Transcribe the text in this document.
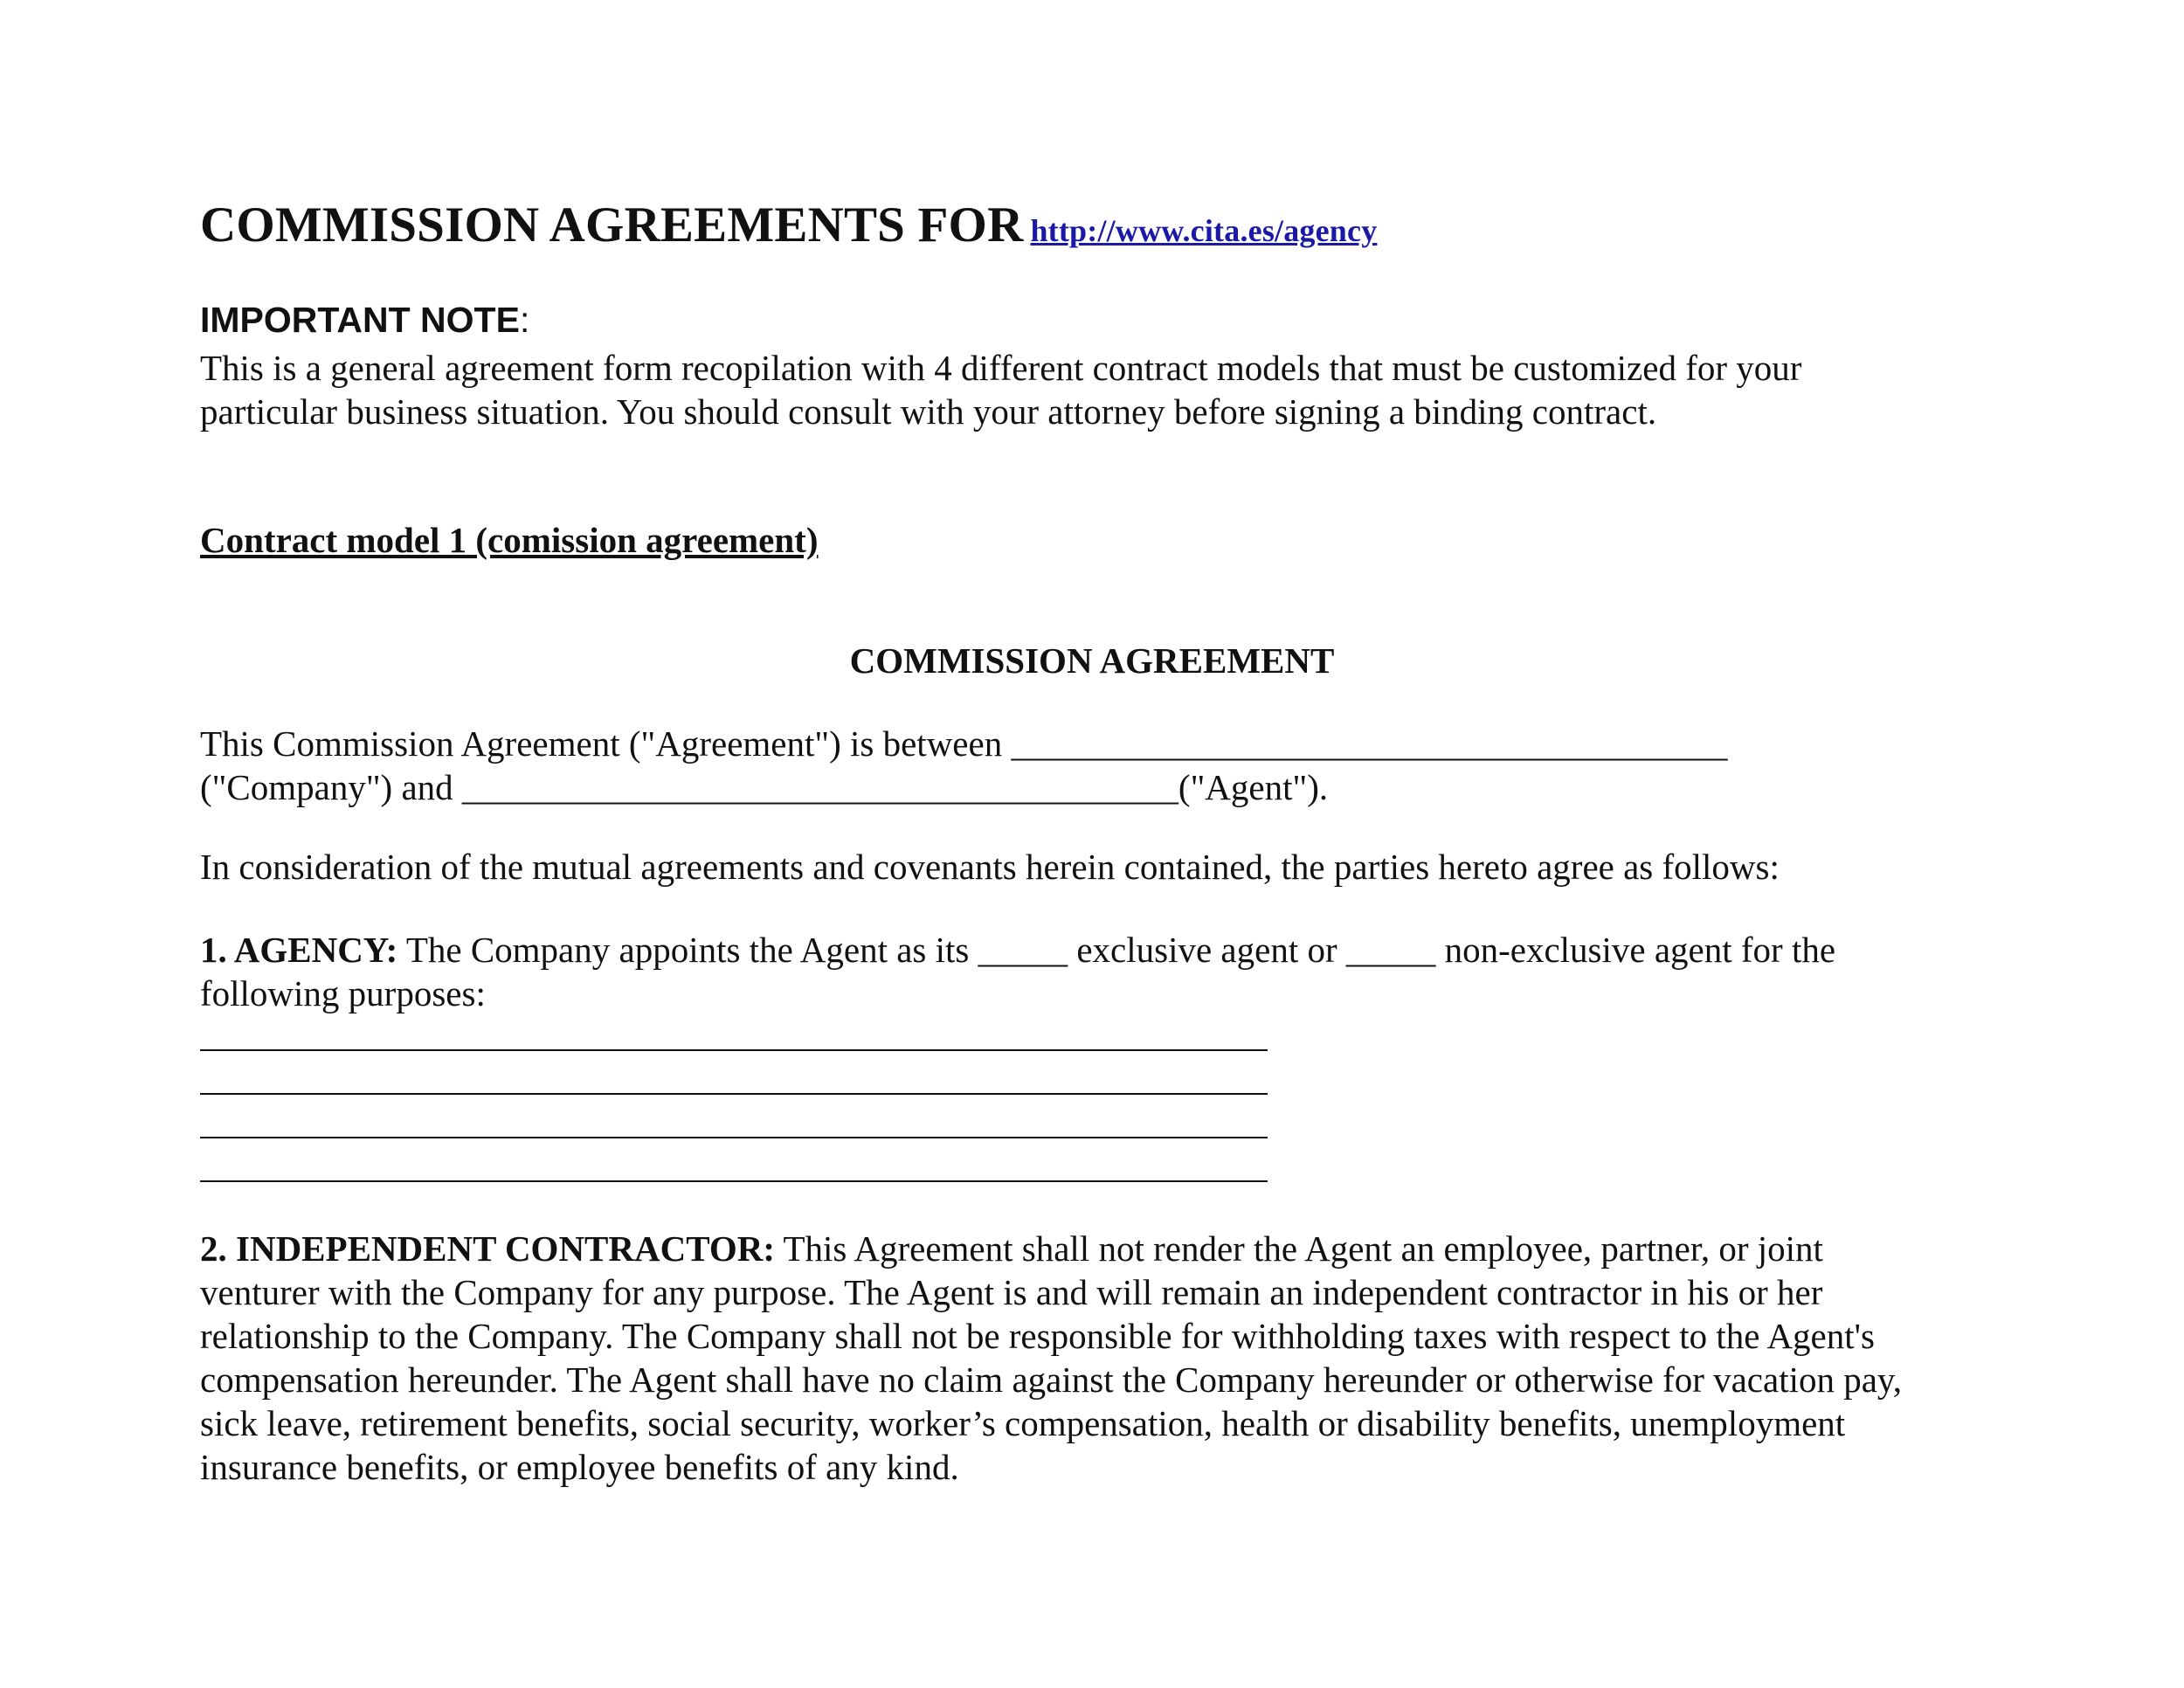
COMMISSION AGREEMENTS FOR http://www.cita.es/agency
IMPORTANT NOTE:
This is a general agreement form recopilation with 4 different contract models that must be customized for your
particular business situation. You should consult with your attorney before signing a binding contract.
Contract model 1 (comission agreement)
COMMISSION AGREEMENT
This Commission Agreement ("Agreement") is between ________________________________________
("Company") and ________________________________________("Agent").
In consideration of the mutual agreements and covenants herein contained, the parties hereto agree as follows:
1. AGENCY: The Company appoints the Agent as its _____ exclusive agent or _____ non-exclusive agent for the
following purposes:
2. INDEPENDENT CONTRACTOR: This Agreement shall not render the Agent an employee, partner, or joint
venturer with the Company for any purpose. The Agent is and will remain an independent contractor in his or her
relationship to the Company. The Company shall not be responsible for withholding taxes with respect to the Agent's
compensation hereunder. The Agent shall have no claim against the Company hereunder or otherwise for vacation pay,
sick leave, retirement benefits, social security, worker’s compensation, health or disability benefits, unemployment
insurance benefits, or employee benefits of any kind.
